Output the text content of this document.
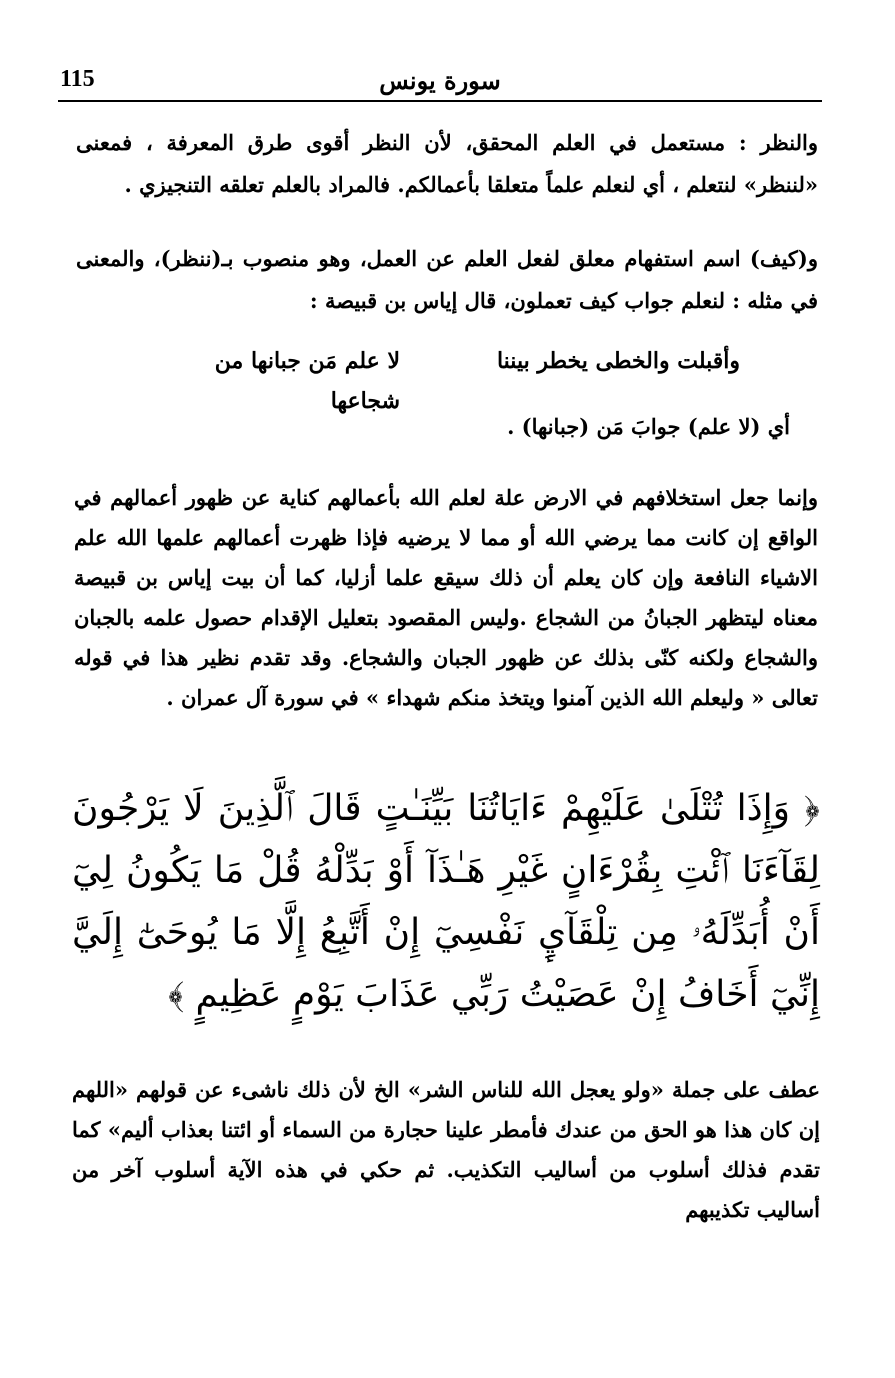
115	سورة يونس

والنظر : مستعمل في العلم المحقق، لأن النظر أقوى طرق المعرفة ، فمعنى «لننظر» لنتعلم ، أي لنعلم علماً متعلقا بأعمالكم. فالمراد بالعلم تعلقه التنجيزي .

و(كيف) اسم استفهام معلق لفعل العلم عن العمل، وهو منصوب بـ(ننظر)، والمعنى في مثله : لنعلم جواب كيف تعملون، قال إياس بن قبيصة :

وأقبلت والخطى يخطر بيننا
لا علم مَن جبانها من شجاعها

أي (لا علم) جوابَ مَن (جبانها) .

وإنما جعل استخلافهم في الارض علة لعلم الله بأعمالهم كناية عن ظهور أعمالهم في الواقع إن كانت مما يرضي الله أو مما لا يرضيه فإذا ظهرت أعمالهم علمها الله علم الاشياء النافعة وإن كان يعلم أن ذلك سيقع علما أزليا، كما أن بيت إياس بن قبيصة معناه ليتظهر الجبانُ من الشجاع .وليس المقصود بتعليل الإقدام حصول علمه بالجبان والشجاع ولكنه كنّى بذلك عن ظهور الجبان والشجاع. وقد تقدم نظير هذا في قوله تعالى « وليعلم الله الذين آمنوا ويتخذ منكم شهداء » في سورة آل عمران .

﴿ وَإِذَا تُتْلَىٰ عَلَيْهِمْ ءَايَاتُنَا بَيِّنَـٰتٍ قَالَ ٱلَّذِينَ لَا يَرْجُونَ لِقَآءَنَا ٱئْتِ بِقُرْءَانٍ غَيْرِ هَـٰذَآ أَوْ بَدِّلْهُ قُلْ مَا يَكُونُ لِيٓ أَنْ أُبَدِّلَهُۥ مِن تِلْقَآيِٕ نَفْسِيٓ إِنْ أَتَّبِعُ إِلَّا مَا يُوحَىٰٓ إِلَيَّ إِنِّيٓ أَخَافُ إِنْ عَصَيْتُ رَبِّي عَذَابَ يَوْمٍ عَظِيمٍ ﴾

عطف على جملة «ولو يعجل الله للناس الشر» الخ لأن ذلك ناشىء عن قولهم «اللهم إن كان هذا هو الحق من عندك فأمطر علينا حجارة من السماء أو ائتنا بعذاب أليم» كما تقدم فذلك أسلوب من أساليب التكذيب. ثم حكي في هذه الآية أسلوب آخر من أساليب تكذيبهم
